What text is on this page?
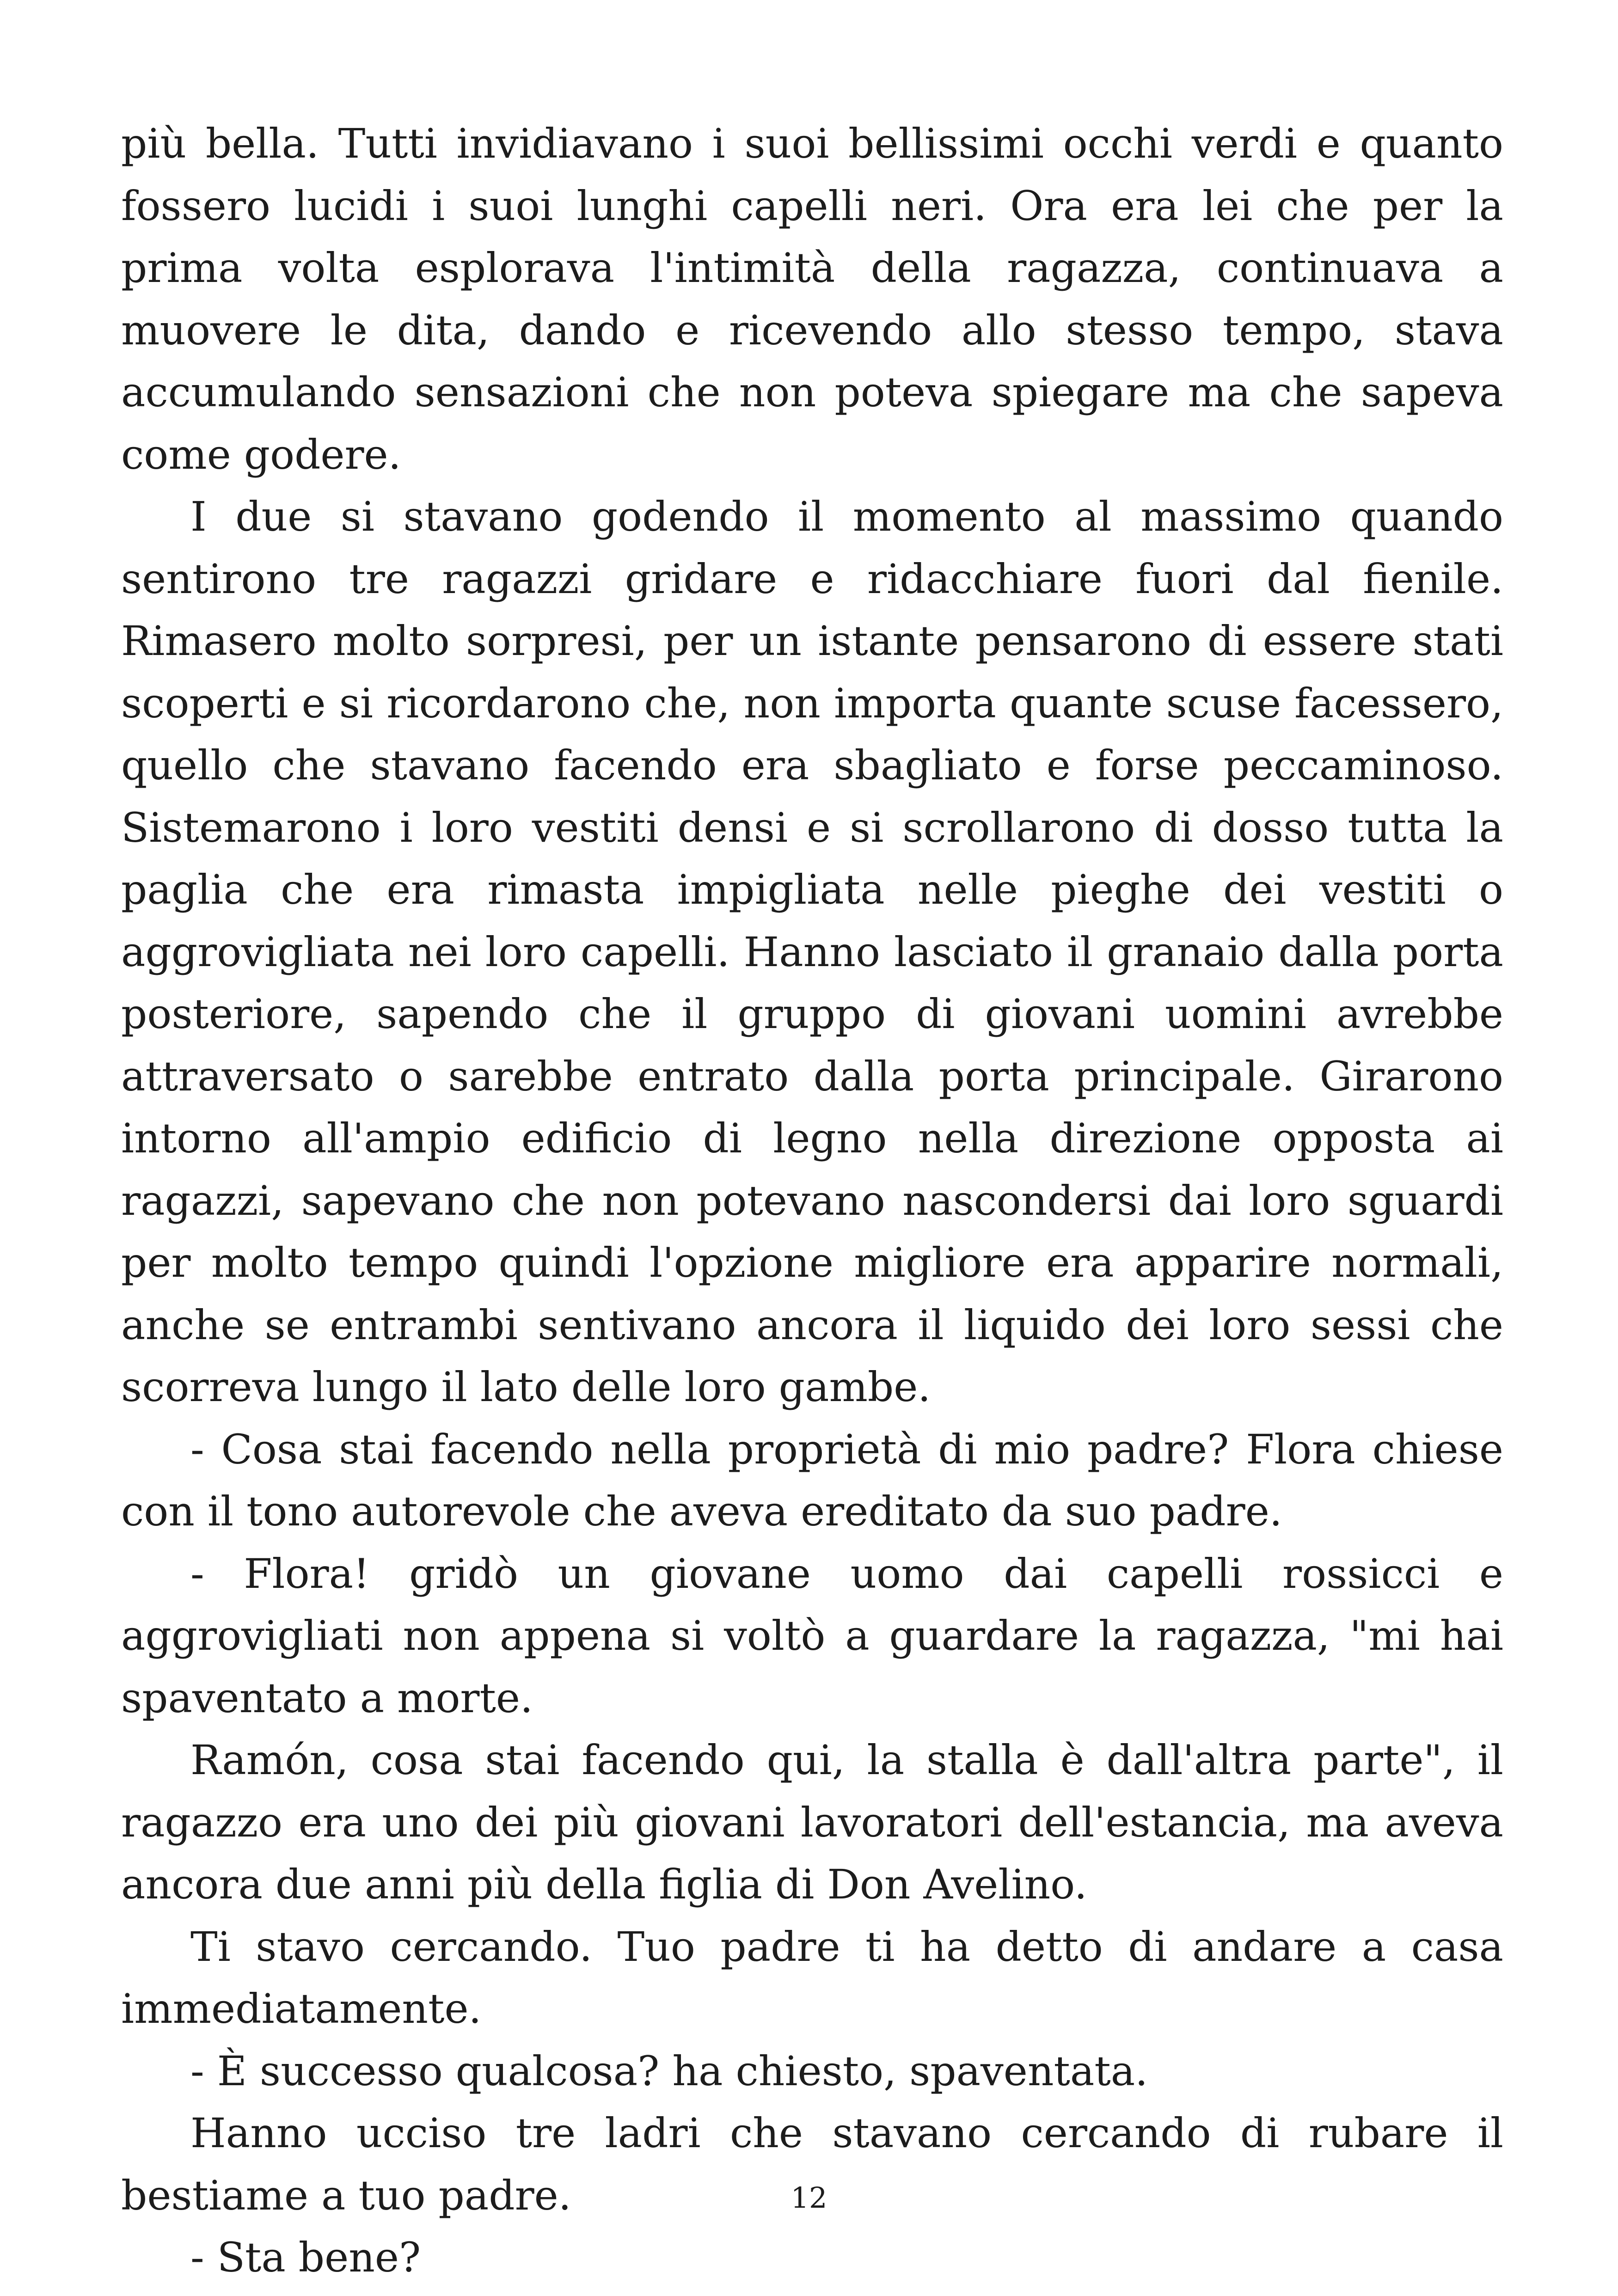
più bella. Tutti invidiavano i suoi bellissimi occhi verdi e quanto fossero lucidi i suoi lunghi capelli neri. Ora era lei che per la prima volta esplorava l'intimità della ragazza, continuava a muovere le dita, dando e ricevendo allo stesso tempo, stava accumulando sensazioni che non poteva spiegare ma che sapeva come godere.

I due si stavano godendo il momento al massimo quando sentirono tre ragazzi gridare e ridacchiare fuori dal fienile. Rimasero molto sorpresi, per un istante pensarono di essere stati scoperti e si ricordarono che, non importa quante scuse facessero, quello che stavano facendo era sbagliato e forse peccaminoso. Sistemarono i loro vestiti densi e si scrollarono di dosso tutta la paglia che era rimasta impigliata nelle pieghe dei vestiti o aggrovigliata nei loro capelli. Hanno lasciato il granaio dalla porta posteriore, sapendo che il gruppo di giovani uomini avrebbe attraversato o sarebbe entrato dalla porta principale. Girarono intorno all'ampio edificio di legno nella direzione opposta ai ragazzi, sapevano che non potevano nascondersi dai loro sguardi per molto tempo quindi l'opzione migliore era apparire normali, anche se entrambi sentivano ancora il liquido dei loro sessi che scorreva lungo il lato delle loro gambe.

- Cosa stai facendo nella proprietà di mio padre? Flora chiese con il tono autorevole che aveva ereditato da suo padre.

- Flora! gridò un giovane uomo dai capelli rossicci e aggrovigliati non appena si voltò a guardare la ragazza, "mi hai spaventato a morte.

Ramón, cosa stai facendo qui, la stalla è dall'altra parte", il ragazzo era uno dei più giovani lavoratori dell'estancia, ma aveva ancora due anni più della figlia di Don Avelino.

Ti stavo cercando. Tuo padre ti ha detto di andare a casa immediatamente.

- È successo qualcosa? ha chiesto, spaventata.

Hanno ucciso tre ladri che stavano cercando di rubare il bestiame a tuo padre.

- Sta bene?

12
